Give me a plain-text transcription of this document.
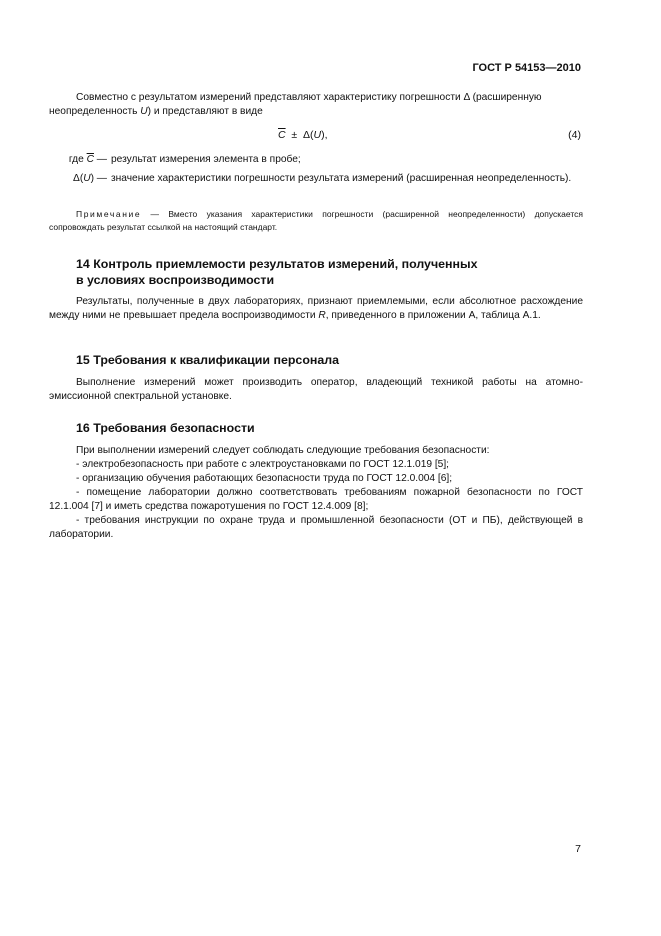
ГОСТ Р 54153—2010
Совместно с результатом измерений представляют характеристику погрешности Δ (расширенную
неопределенность U) и представляют в виде
$\overline{C} \pm \Delta(U)$,	(4)
где $\overline{C}$ — результат измерения элемента в пробе;
Δ(U) — значение характеристики погрешности результата измерений (расширенная неопределенность).
Примечание — Вместо указания характеристики погрешности (расширенной неопределенности) допускается сопровождать результат ссылкой на настоящий стандарт.
14 Контроль приемлемости результатов измерений, полученных
в условиях воспроизводимости
Результаты, полученные в двух лабораториях, признают приемлемыми, если абсолютное расхождение между ними не превышает предела воспроизводимости R, приведенного в приложении А, таблица А.1.
15 Требования к квалификации персонала
Выполнение измерений может производить оператор, владеющий техникой работы на атомно-эмиссионной спектральной установке.
16 Требования безопасности
При выполнении измерений следует соблюдать следующие требования безопасности:
- электробезопасность при работе с электроустановками по ГОСТ 12.1.019 [5];
- организацию обучения работающих безопасности труда по ГОСТ 12.0.004 [6];
- помещение лаборатории должно соответствовать требованиям пожарной безопасности по ГОСТ 12.1.004 [7] и иметь средства пожаротушения по ГОСТ 12.4.009 [8];
- требования инструкции по охране труда и промышленной безопасности (ОТ и ПБ), действующей в лаборатории.
7
